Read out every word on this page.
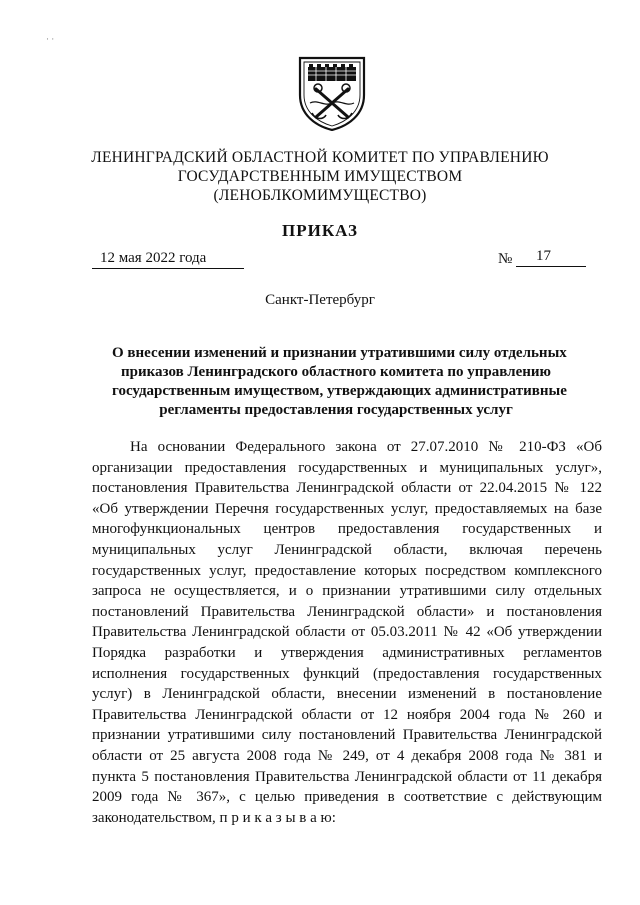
· ·
ЛЕНИНГРАДСКИЙ ОБЛАСТНОЙ КОМИТЕТ ПО УПРАВЛЕНИЮ
ГОСУДАРСТВЕННЫМ ИМУЩЕСТВОМ
(ЛЕНОБЛКОМИМУЩЕСТВО)
ПРИКАЗ
12 мая 2022 года	№	17
Санкт-Петербург
О внесении изменений и признании утратившими силу отдельных
приказов Ленинградского областного комитета по управлению
государственным имуществом, утверждающих административные
регламенты предоставления государственных услуг
На основании Федерального закона от 27.07.2010 № 210-ФЗ «Об
организации предоставления государственных и муниципальных услуг»,
постановления Правительства Ленинградской области от 22.04.2015 № 122
«Об утверждении Перечня государственных услуг, предоставляемых на базе
многофункциональных центров предоставления государственных и
муниципальных услуг Ленинградской области, включая перечень
государственных услуг, предоставление которых посредством комплексного
запроса не осуществляется, и о признании утратившими силу отдельных
постановлений Правительства Ленинградской области» и постановления
Правительства Ленинградской области от 05.03.2011 № 42 «Об утверждении
Порядка разработки и утверждения административных регламентов
исполнения государственных функций (предоставления государственных
услуг) в Ленинградской области, внесении изменений в постановление
Правительства Ленинградской области от 12 ноября 2004 года № 260 и
признании утратившими силу постановлений Правительства Ленинградской
области от 25 августа 2008 года № 249, от 4 декабря 2008 года № 381 и
пункта 5 постановления Правительства Ленинградской области от 11 декабря
2009 года № 367», с целью приведения в соответствие с действующим
законодательством, п р и к а з ы в а ю:
